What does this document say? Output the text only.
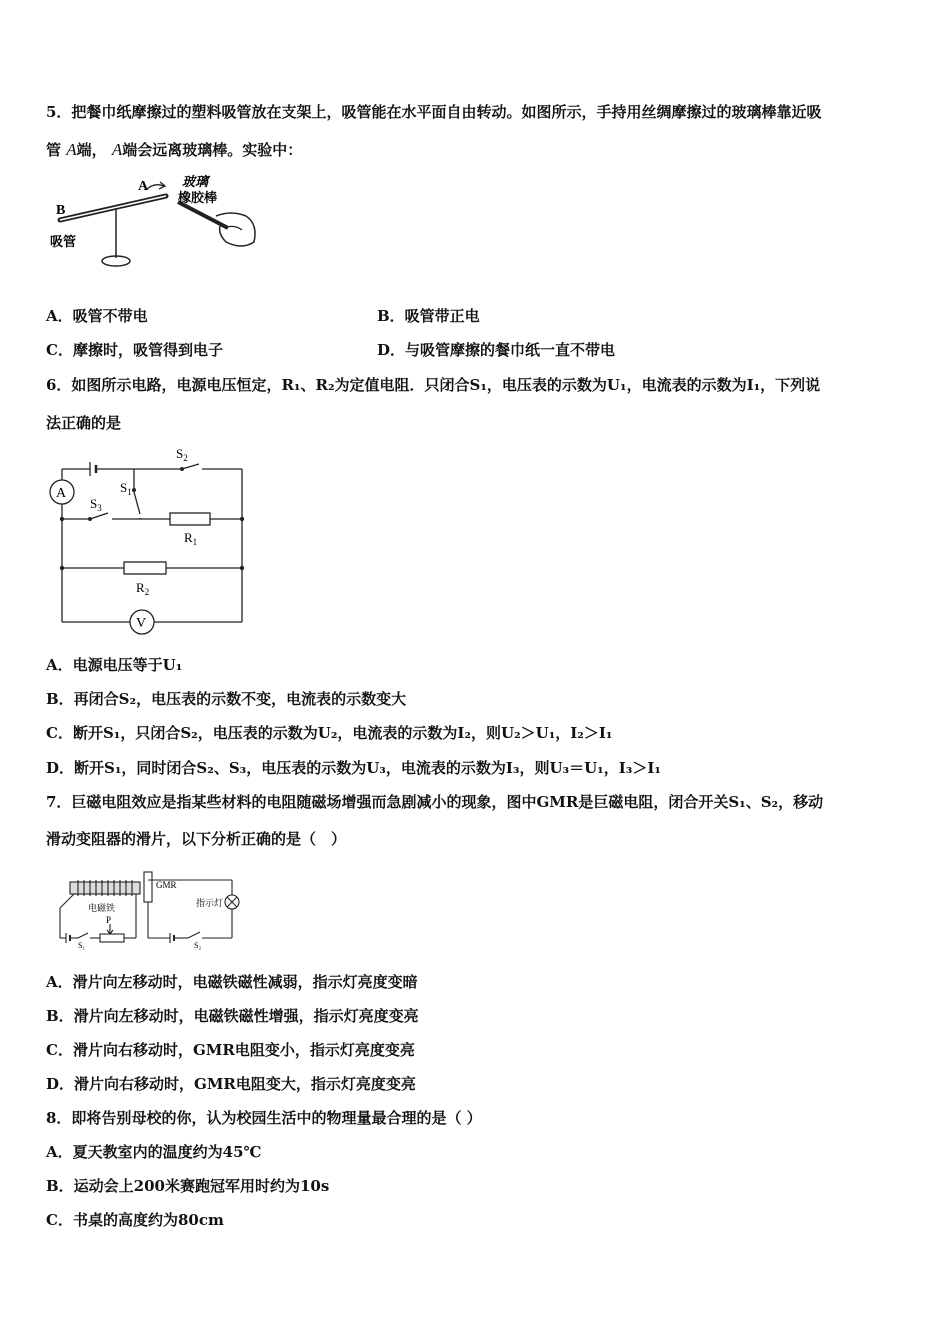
5．把餐巾纸摩擦过的塑料吸管放在支架上，吸管能在水平面自由转动。如图所示，手持用丝绸摩擦过的玻璃棒靠近吸
管 A端， A端会远离玻璃棒。实验中：
A
B
吸管
玻璃
橡胶棒
A．吸管不带电	B．吸管带正电
C．摩擦时，吸管得到电子	D．与吸管摩擦的餐巾纸一直不带电
6．如图所示电路，电源电压恒定，R₁、R₂为定值电阻．只闭合S₁，电压表的示数为U₁，电流表的示数为I₁，下列说
法正确的是
A
V
$S_2$
$S_1$
$S_3$
$R_1$
$R_2$
A．电源电压等于U₁
B．再闭合S₂，电压表的示数不变，电流表的示数变大
C．断开S₁，只闭合S₂，电压表的示数为U₂，电流表的示数为I₂，则U₂＞U₁，I₂＞I₁
D．断开S₁，同时闭合S₂、S₃，电压表的示数为U₃，电流表的示数为I₃，则U₃＝U₁，I₃＞I₁
7．巨磁电阻效应是指某些材料的电阻随磁场增强而急剧减小的现象，图中GMR是巨磁电阻，闭合开关S₁、S₂，移动
滑动变阻器的滑片，以下分析正确的是（　）
电磁铁
GMR
指示灯
P
S₁	S₂
A．滑片向左移动时，电磁铁磁性减弱，指示灯亮度变暗
B．滑片向左移动时，电磁铁磁性增强，指示灯亮度变亮
C．滑片向右移动时，GMR电阻变小，指示灯亮度变亮
D．滑片向右移动时，GMR电阻变大，指示灯亮度变亮
8．即将告别母校的你，认为校园生活中的物理量最合理的是（ ）
A．夏天教室内的温度约为45℃
B．运动会上200米赛跑冠军用时约为10s
C．书桌的高度约为80cm
